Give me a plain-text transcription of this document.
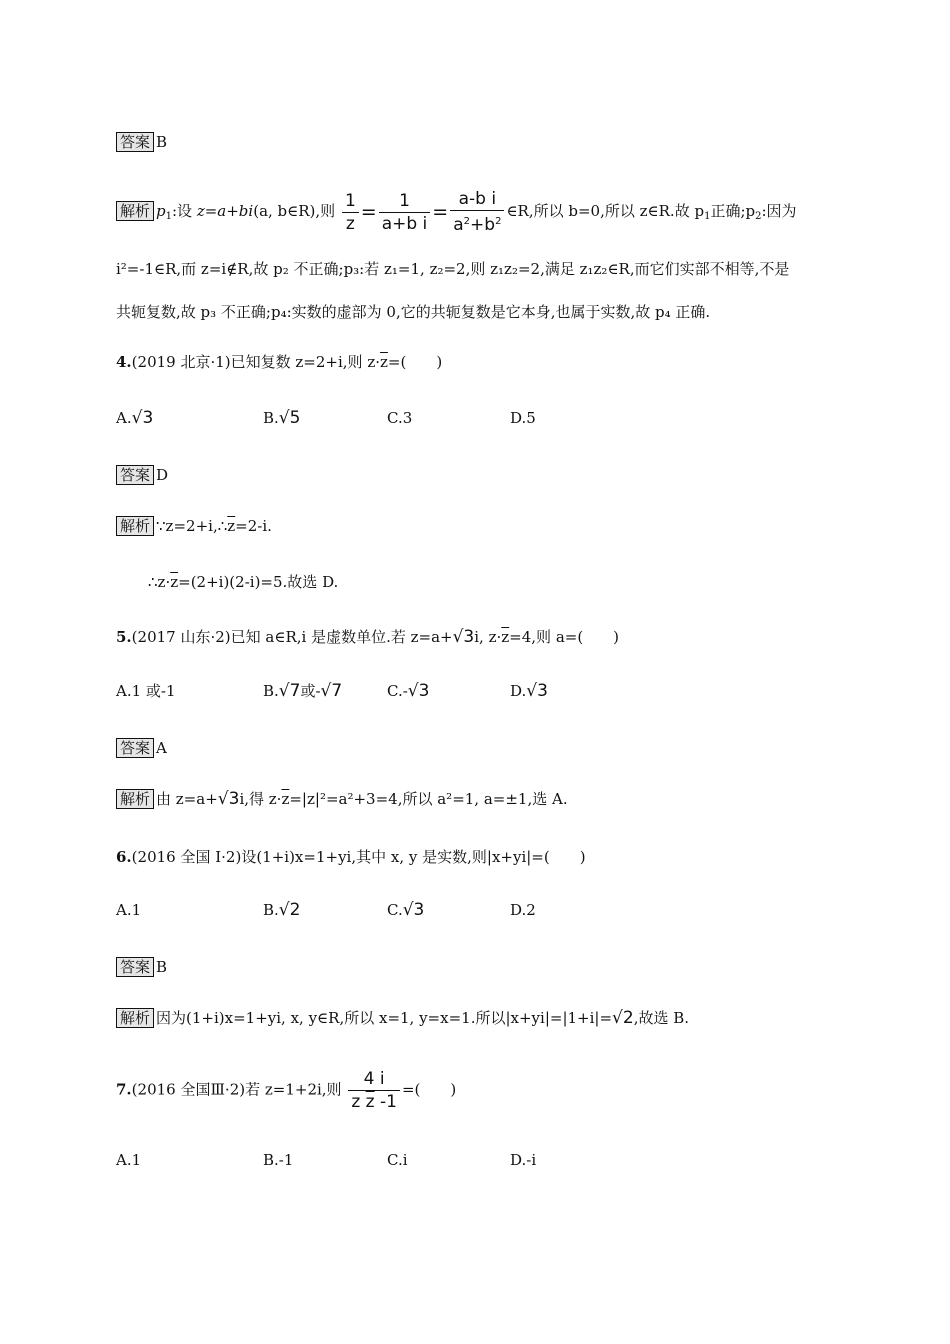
答案 B
解析 $p_1$:设 z=a+bi(a, b∈R),则 $\frac{1}{z} = \frac{1}{\text{a+b i}} = \frac{\text{a-b i}}{a^2+b^2}$ ∈R,所以 b=0,所以 z∈R.故 $p_1$正确$;p_2$:因为
i²=-1∈R,而 z=i∉R,故 p₂ 不正确;p₃:若 z₁=1, z₂=2,则 z₁z₂=2,满足 z₁z₂∈R,而它们实部不相等,不是
共轭复数,故 p₃ 不正确;p₄:实数的虚部为 0,它的共轭复数是它本身,也属于实数,故 p₄ 正确.
4.(2019 北京·1)已知复数 z=2+i,则 $z\cdot\overline{z}=$(　　)
A.√3	B.√5	C.3	D.5
答案 D
解析 $\because z=2+i,\therefore\overline{z}=2-i$.
$\therefore z\cdot\overline{z}=(2+i)(2-i)=5$.故选 D.
5.(2017 山东·2)已知 a∈R,i 是虚数单位.若 z=a+√3i, $z\cdot\overline{z}=4$,则 a=(　　)
A.1 或-1	B.√7或-√7	C.-√3	D.√3
答案 A
解析 由 z=a+√3i,得 $z\cdot\overline{z}=|z|^2=a^2+3=4$,所以 a²=1, a=±1,选 A.
6.(2016 全国 Ⅰ·2)设(1+i)x=1+yi,其中 x, y 是实数,则|x+yi|=(　　)
A.1	B.√2	C.√3	D.2
答案 B
解析 因为(1+i)x=1+yi, x, y∈R,所以 x=1, y=x=1.所以|x+yi|=|1+i|=√2,故选 B.
7.(2016 全国Ⅲ·2)若 z=1+2i,则 $\frac{4 i}{z \overline{z} -1}$ =(　　)
A.1	B.-1	C.i	D.-i
